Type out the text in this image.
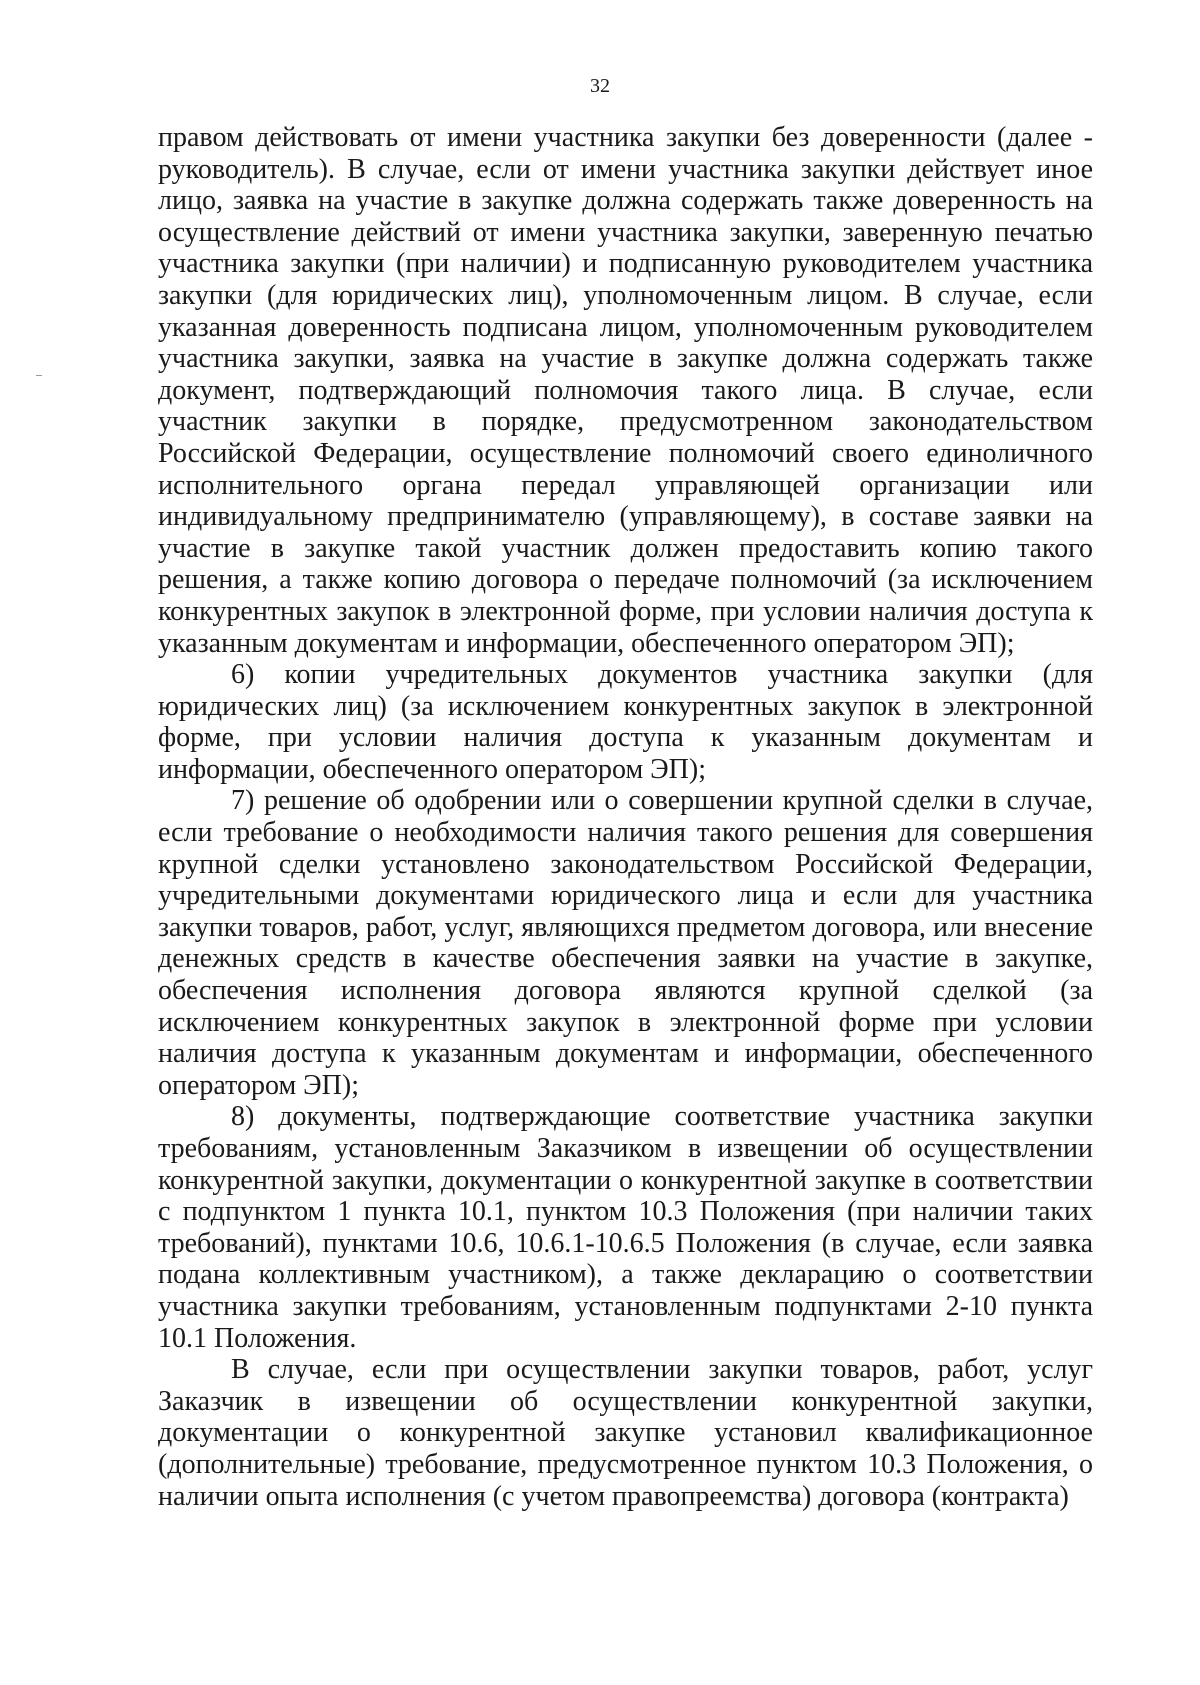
32

правом действовать от имени участника закупки без доверенности (далее - руководитель). В случае, если от имени участника закупки действует иное лицо, заявка на участие в закупке должна содержать также доверенность на осуществление действий от имени участника закупки, заверенную печатью участника закупки (при наличии) и подписанную руководителем участника закупки (для юридических лиц), уполномоченным лицом. В случае, если указанная доверенность подписана лицом, уполномоченным руководителем участника закупки, заявка на участие в закупке должна содержать также документ, подтверждающий полномочия такого лица. В случае, если участник закупки в порядке, предусмотренном законодательством Российской Федерации, осуществление полномочий своего единоличного исполнительного органа передал управляющей организации или индивидуальному предпринимателю (управляющему), в составе заявки на участие в закупке такой участник должен предоставить копию такого решения, а также копию договора о передаче полномочий (за исключением конкурентных закупок в электронной форме, при условии наличия доступа к указанным документам и информации, обеспеченного оператором ЭП);

6) копии учредительных документов участника закупки (для юридических лиц) (за исключением конкурентных закупок в электронной форме, при условии наличия доступа к указанным документам и информации, обеспеченного оператором ЭП);

7) решение об одобрении или о совершении крупной сделки в случае, если требование о необходимости наличия такого решения для совершения крупной сделки установлено законодательством Российской Федерации, учредительными документами юридического лица и если для участника закупки товаров, работ, услуг, являющихся предметом договора, или внесение денежных средств в качестве обеспечения заявки на участие в закупке, обеспечения исполнения договора являются крупной сделкой (за исключением конкурентных закупок в электронной форме при условии наличия доступа к указанным документам и информации, обеспеченного оператором ЭП);

8) документы, подтверждающие соответствие участника закупки требованиям, установленным Заказчиком в извещении об осуществлении конкурентной закупки, документации о конкурентной закупке в соответствии с подпунктом 1 пункта 10.1, пунктом 10.3 Положения (при наличии таких требований), пунктами 10.6, 10.6.1-10.6.5 Положения (в случае, если заявка подана коллективным участником), а также декларацию о соответствии участника закупки требованиям, установленным подпунктами 2-10 пункта 10.1 Положения.

В случае, если при осуществлении закупки товаров, работ, услуг Заказчик в извещении об осуществлении конкурентной закупки, документации о конкурентной закупке установил квалификационное (дополнительные) требование, предусмотренное пунктом 10.3 Положения, о наличии опыта исполнения (с учетом правопреемства) договора (контракта)
